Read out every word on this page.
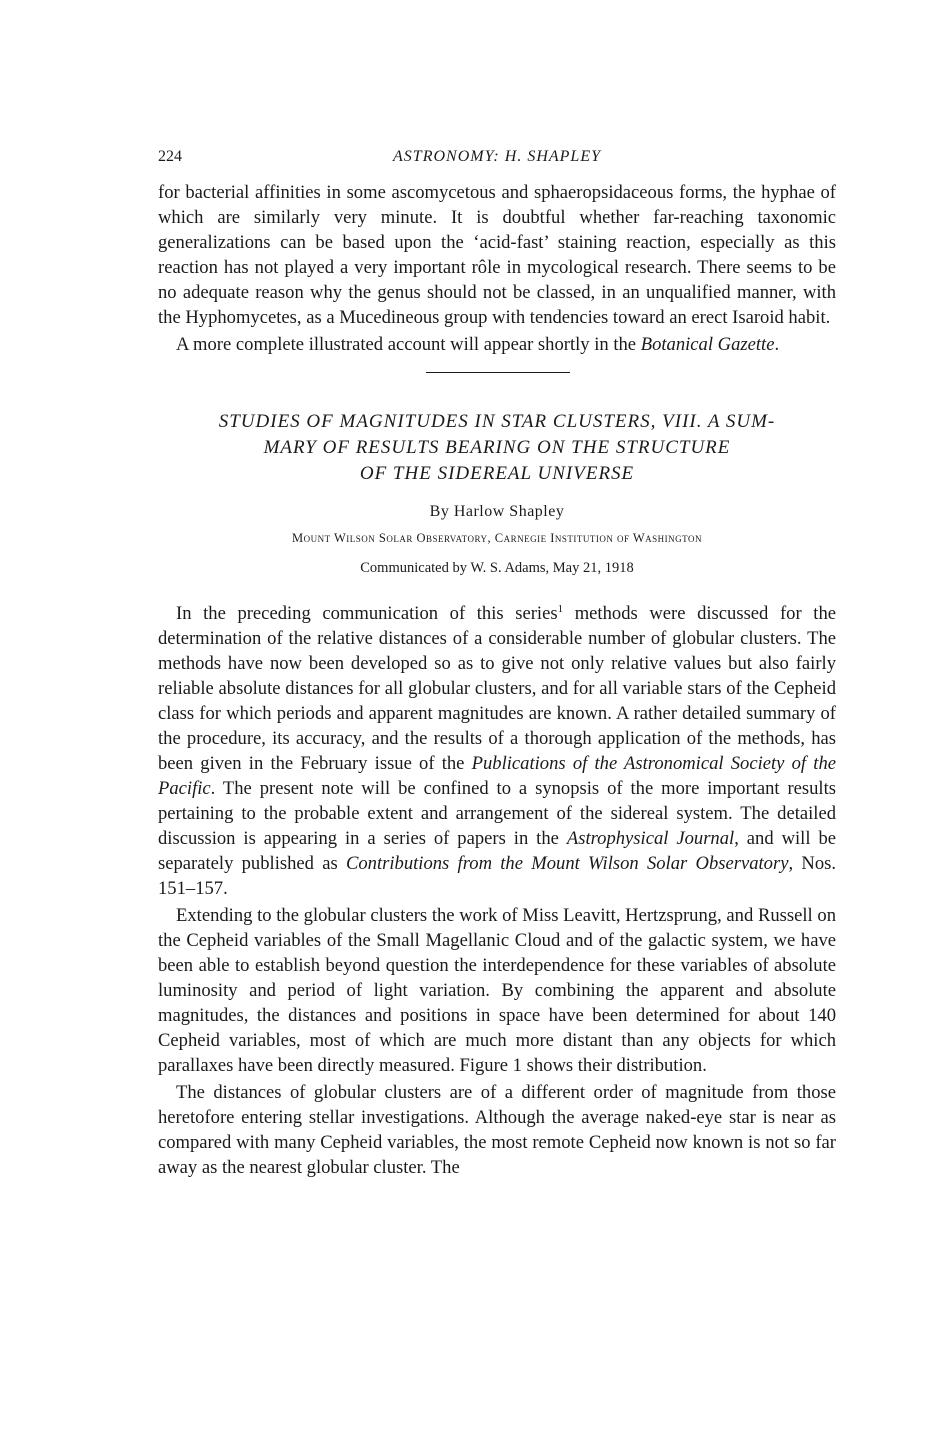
224	ASTRONOMY: H. SHAPLEY

for bacterial affinities in some ascomycetous and sphaeropsidaceous forms, the hyphae of which are similarly very minute. It is doubtful whether far-reaching taxonomic generalizations can be based upon the ‘acid-fast’ staining reaction, especially as this reaction has not played a very important rôle in mycological research. There seems to be no adequate reason why the genus should not be classed, in an unqualified manner, with the Hyphomycetes, as a Mucedineous group with tendencies toward an erect Isaroid habit.

A more complete illustrated account will appear shortly in the Botanical Gazette.

STUDIES OF MAGNITUDES IN STAR CLUSTERS, VIII. A SUM-
MARY OF RESULTS BEARING ON THE STRUCTURE
OF THE SIDEREAL UNIVERSE
By Harlow Shapley
Mount Wilson Solar Observatory, Carnegie Institution of Washington
Communicated by W. S. Adams, May 21, 1918

In the preceding communication of this series$^1$ methods were discussed for the determination of the relative distances of a considerable number of globular clusters. The methods have now been developed so as to give not only relative values but also fairly reliable absolute distances for all globular clusters, and for all variable stars of the Cepheid class for which periods and apparent magnitudes are known. A rather detailed summary of the procedure, its accuracy, and the results of a thorough application of the methods, has been given in the February issue of the Publications of the Astronomical Society of the Pacific. The present note will be confined to a synopsis of the more important results pertaining to the probable extent and arrangement of the sidereal system. The detailed discussion is appearing in a series of papers in the Astrophysical Journal, and will be separately published as Contributions from the Mount Wilson Solar Observatory, Nos. 151–157.

Extending to the globular clusters the work of Miss Leavitt, Hertzsprung, and Russell on the Cepheid variables of the Small Magellanic Cloud and of the galactic system, we have been able to establish beyond question the interdependence for these variables of absolute luminosity and period of light variation. By combining the apparent and absolute magnitudes, the distances and positions in space have been determined for about 140 Cepheid variables, most of which are much more distant than any objects for which parallaxes have been directly measured. Figure 1 shows their distribution.

The distances of globular clusters are of a different order of magnitude from those heretofore entering stellar investigations. Although the average naked-eye star is near as compared with many Cepheid variables, the most remote Cepheid now known is not so far away as the nearest globular cluster. The
